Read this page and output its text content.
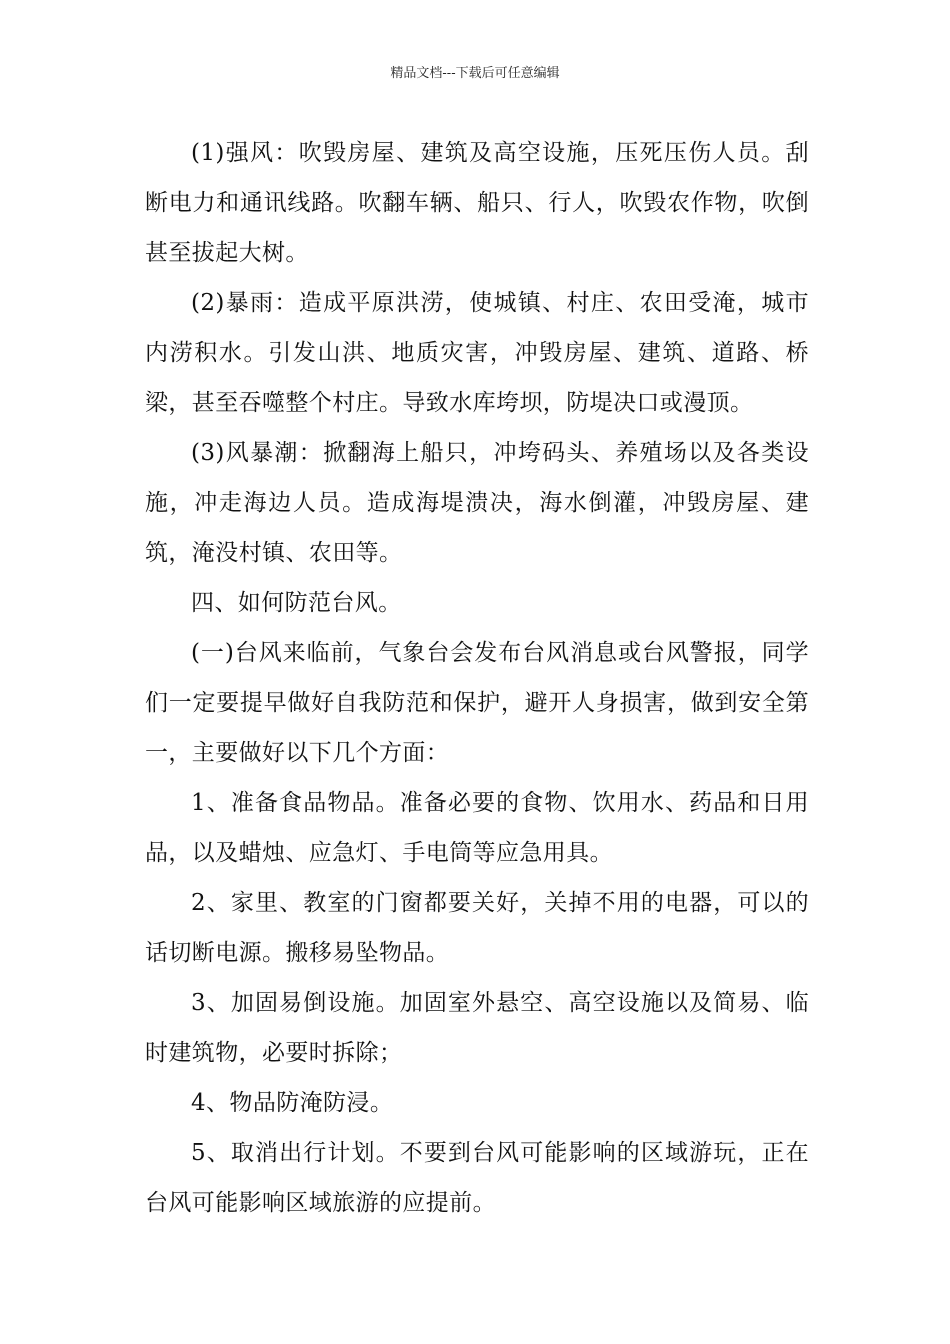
精品文档---下载后可任意编辑

(1)强风：吹毁房屋、建筑及高空设施，压死压伤人员。刮断电力和通讯线路。吹翻车辆、船只、行人，吹毁农作物，吹倒甚至拔起大树。

(2)暴雨：造成平原洪涝，使城镇、村庄、农田受淹，城市内涝积水。引发山洪、地质灾害，冲毁房屋、建筑、道路、桥梁，甚至吞噬整个村庄。导致水库垮坝，防堤决口或漫顶。

(3)风暴潮：掀翻海上船只，冲垮码头、养殖场以及各类设施，冲走海边人员。造成海堤溃决，海水倒灌，冲毁房屋、建筑，淹没村镇、农田等。

四、如何防范台风。

(一)台风来临前，气象台会发布台风消息或台风警报，同学们一定要提早做好自我防范和保护，避开人身损害，做到安全第一，主要做好以下几个方面：

1、准备食品物品。准备必要的食物、饮用水、药品和日用品，以及蜡烛、应急灯、手电筒等应急用具。

2、家里、教室的门窗都要关好，关掉不用的电器，可以的话切断电源。搬移易坠物品。

3、加固易倒设施。加固室外悬空、高空设施以及简易、临时建筑物，必要时拆除；

4、物品防淹防浸。

5、取消出行计划。不要到台风可能影响的区域游玩，正在台风可能影响区域旅游的应提前。
